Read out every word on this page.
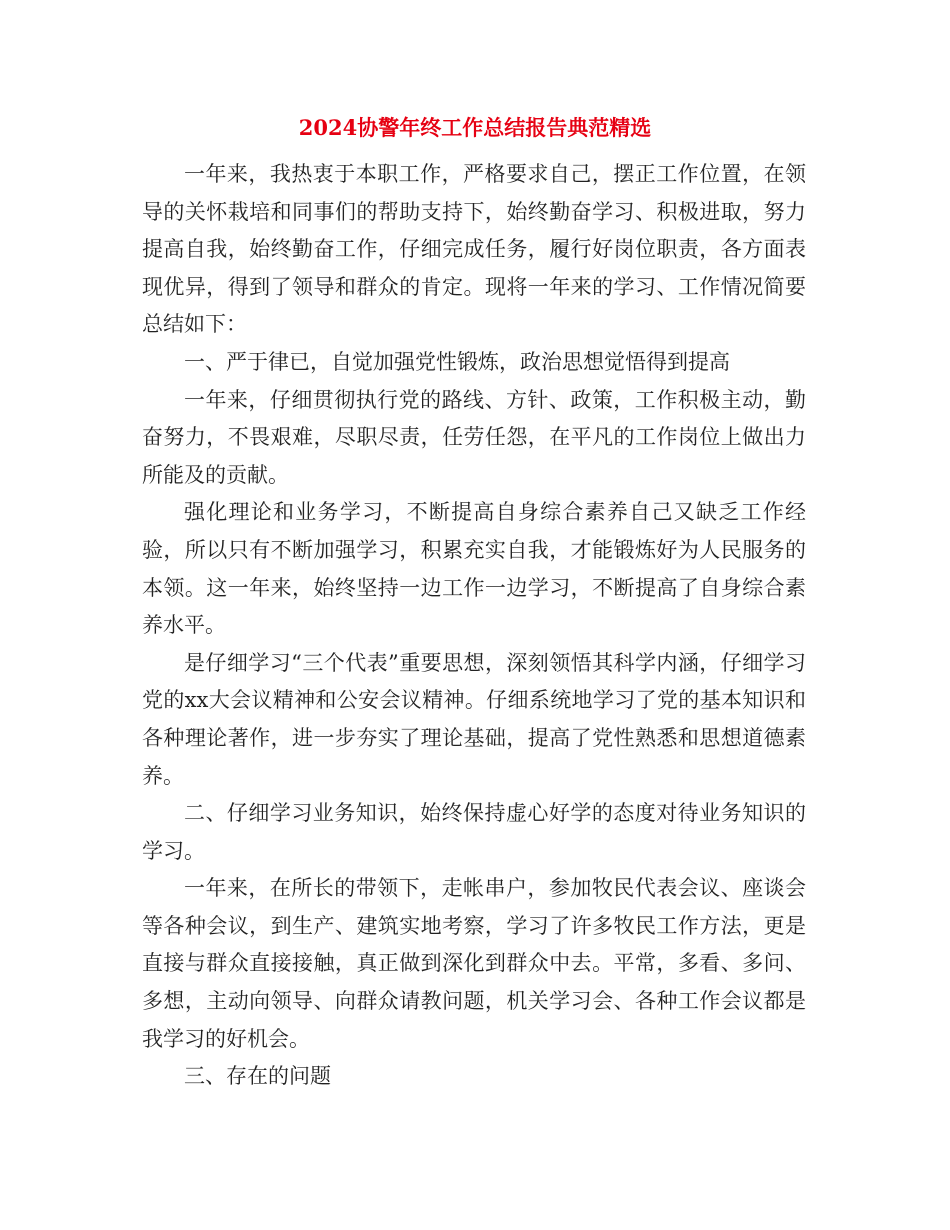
2024协警年终工作总结报告典范精选

一年来，我热衷于本职工作，严格要求自己，摆正工作位置，在领导的关怀栽培和同事们的帮助支持下，始终勤奋学习、积极进取，努力提高自我，始终勤奋工作，仔细完成任务，履行好岗位职责，各方面表现优异，得到了领导和群众的肯定。现将一年来的学习、工作情况简要总结如下：

一、严于律已，自觉加强党性锻炼，政治思想觉悟得到提高

一年来，仔细贯彻执行党的路线、方针、政策，工作积极主动，勤奋努力，不畏艰难，尽职尽责，任劳任怨，在平凡的工作岗位上做出力所能及的贡献。

强化理论和业务学习，不断提高自身综合素养自己又缺乏工作经验，所以只有不断加强学习，积累充实自我，才能锻炼好为人民服务的本领。这一年来，始终坚持一边工作一边学习，不断提高了自身综合素养水平。

是仔细学习“三个代表”重要思想，深刻领悟其科学内涵，仔细学习党的xx大会议精神和公安会议精神。仔细系统地学习了党的基本知识和各种理论著作，进一步夯实了理论基础，提高了党性熟悉和思想道德素养。

二、仔细学习业务知识，始终保持虚心好学的态度对待业务知识的学习。

一年来，在所长的带领下，走帐串户，参加牧民代表会议、座谈会等各种会议，到生产、建筑实地考察，学习了许多牧民工作方法，更是直接与群众直接接触，真正做到深化到群众中去。平常，多看、多问、多想，主动向领导、向群众请教问题，机关学习会、各种工作会议都是我学习的好机会。

三、存在的问题
